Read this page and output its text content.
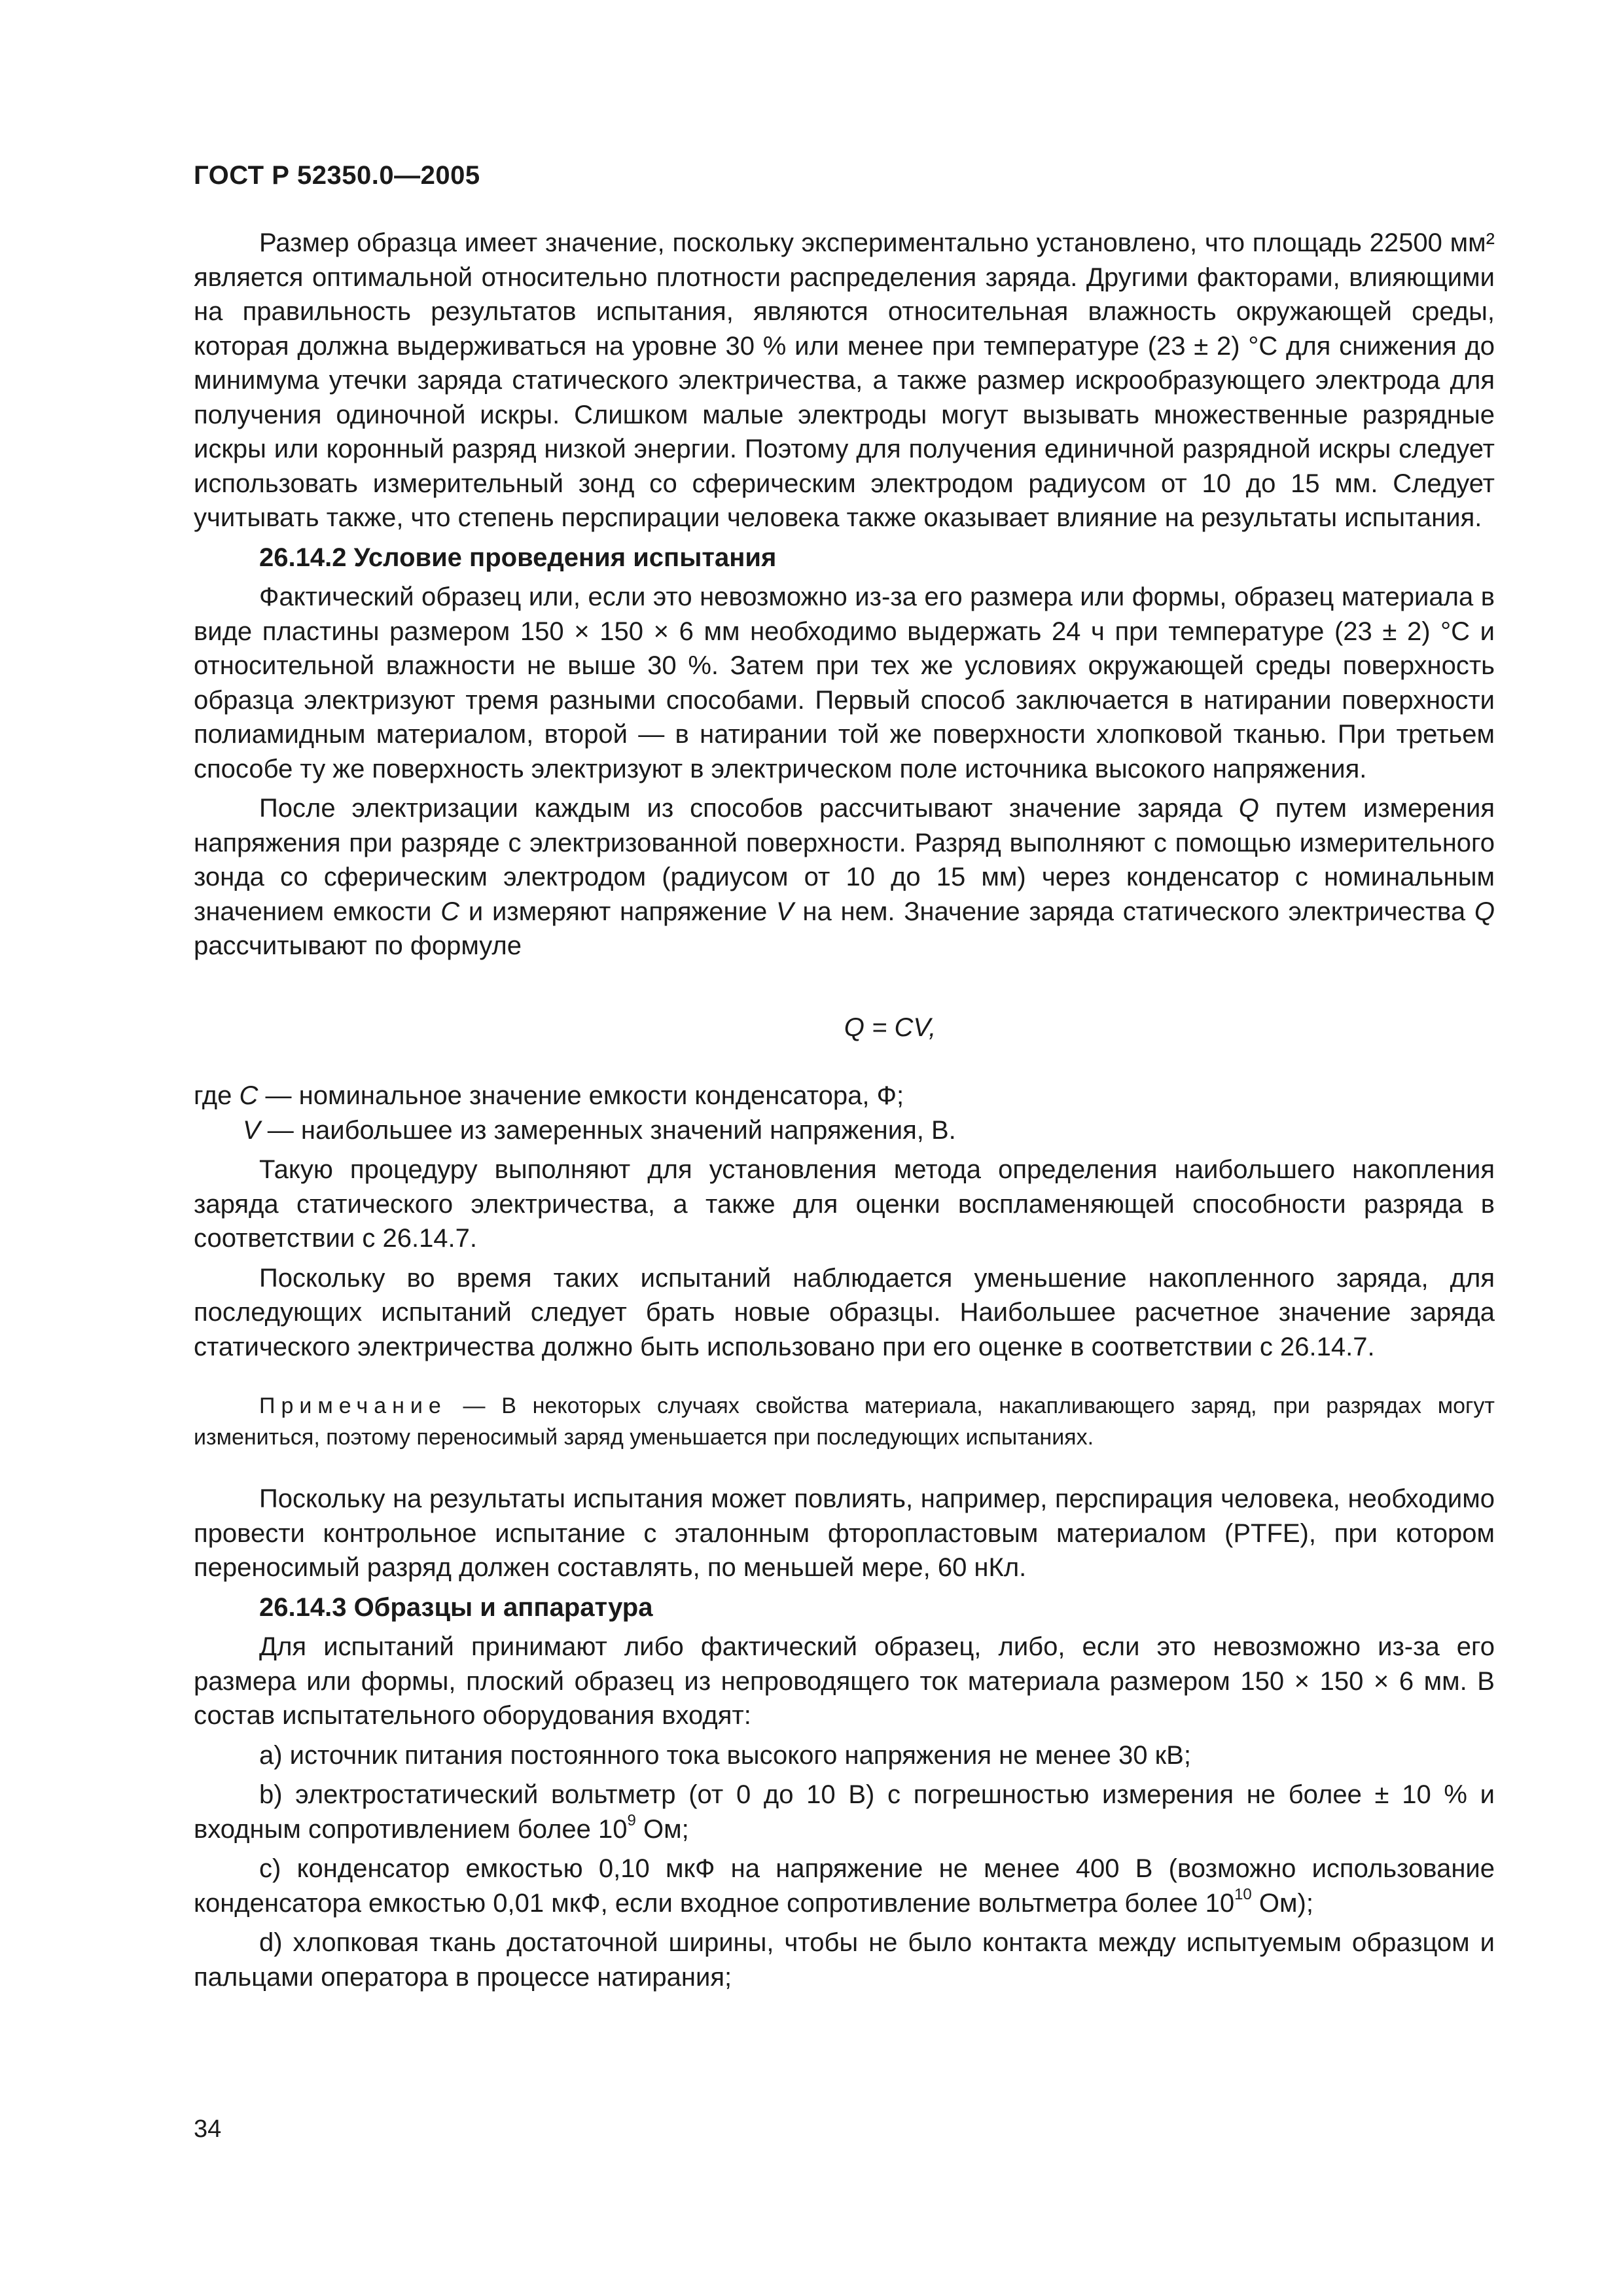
ГОСТ Р 52350.0—2005

Размер образца имеет значение, поскольку экспериментально установлено, что площадь 22500 мм² является оптимальной относительно плотности распределения заряда. Другими факторами, влияющими на правильность результатов испытания, являются относительная влажность окружающей среды, которая должна выдерживаться на уровне 30 % или менее при температуре (23 ± 2) °С для снижения до минимума утечки заряда статического электричества, а также размер искрообразующего электрода для получения одиночной искры. Слишком малые электроды могут вызывать множественные разрядные искры или коронный разряд низкой энергии. Поэтому для получения единичной разрядной искры следует использовать измерительный зонд со сферическим электродом радиусом от 10 до 15 мм. Следует учитывать также, что степень перспирации человека также оказывает влияние на результаты испытания.

26.14.2 Условие проведения испытания

Фактический образец или, если это невозможно из-за его размера или формы, образец материала в виде пластины размером 150 × 150 × 6 мм необходимо выдержать 24 ч при температуре (23 ± 2) °С и относительной влажности не выше 30 %. Затем при тех же условиях окружающей среды поверхность образца электризуют тремя разными способами. Первый способ заключается в натирании поверхности полиамидным материалом, второй — в натирании той же поверхности хлопковой тканью. При третьем способе ту же поверхность электризуют в электрическом поле источника высокого напряжения.

После электризации каждым из способов рассчитывают значение заряда Q путем измерения напряжения при разряде с электризованной поверхности. Разряд выполняют с помощью измерительного зонда со сферическим электродом (радиусом от 10 до 15 мм) через конденсатор с номинальным значением емкости С и измеряют напряжение V на нем. Значение заряда статического электричества Q рассчитывают по формуле

Q = CV,

где С — номинальное значение емкости конденсатора, Ф;

V — наибольшее из замеренных значений напряжения, В.

Такую процедуру выполняют для установления метода определения наибольшего накопления заряда статического электричества, а также для оценки воспламеняющей способности разряда в соответствии с 26.14.7.

Поскольку во время таких испытаний наблюдается уменьшение накопленного заряда, для последующих испытаний следует брать новые образцы. Наибольшее расчетное значение заряда статического электричества должно быть использовано при его оценке в соответствии с 26.14.7.

Примечание — В некоторых случаях свойства материала, накапливающего заряд, при разрядах могут измениться, поэтому переносимый заряд уменьшается при последующих испытаниях.

Поскольку на результаты испытания может повлиять, например, перспирация человека, необходимо провести контрольное испытание с эталонным фторопластовым материалом (PTFE), при котором переносимый разряд должен составлять, по меньшей мере, 60 нКл.

26.14.3 Образцы и аппаратура

Для испытаний принимают либо фактический образец, либо, если это невозможно из-за его размера или формы, плоский образец из непроводящего ток материала размером 150 × 150 × 6 мм. В состав испытательного оборудования входят:

a) источник питания постоянного тока высокого напряжения не менее 30 кВ;

b) электростатический вольтметр (от 0 до 10 В) с погрешностью измерения не более ± 10 % и входным сопротивлением более $10^9$ Ом;

c) конденсатор емкостью 0,10 мкФ на напряжение не менее 400 В (возможно использование конденсатора емкостью 0,01 мкФ, если входное сопротивление вольтметра более $10^{10}$ Ом);

d) хлопковая ткань достаточной ширины, чтобы не было контакта между испытуемым образцом и пальцами оператора в процессе натирания;

34
